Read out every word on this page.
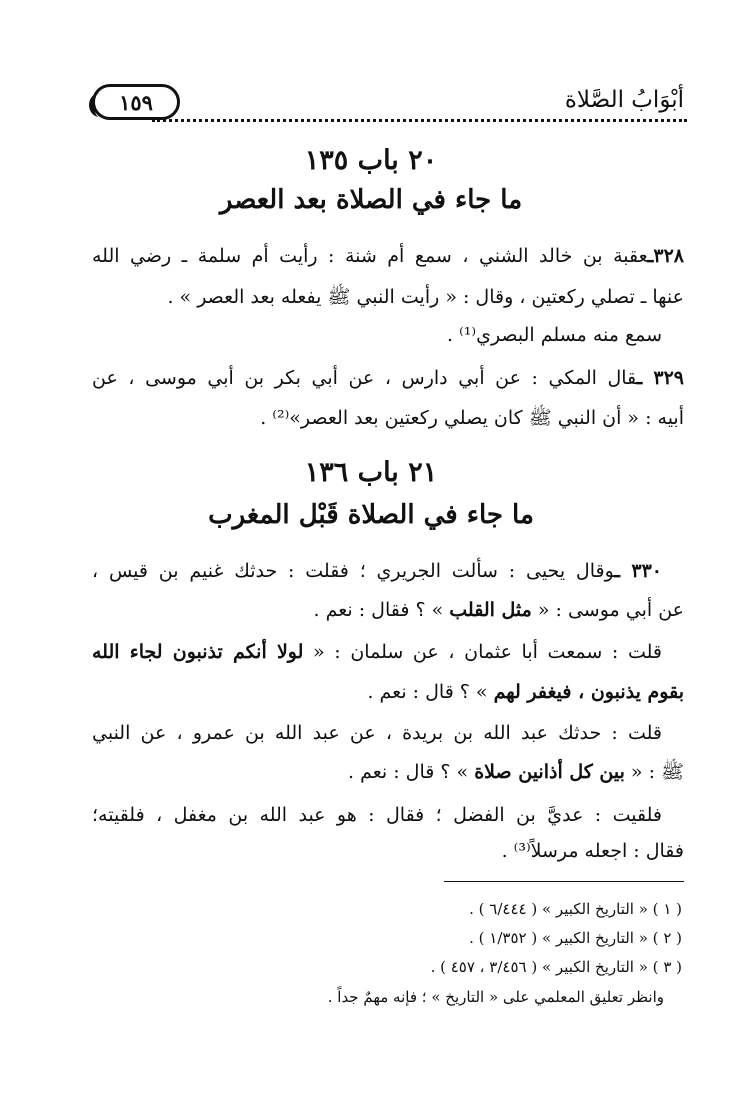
أبْوَابُ الصَّلاة
١٥٩
٢٠ باب ١٣٥
ما جاء في الصلاة بعد العصر
٣٢٨ـعقبة بن خالد الشني ، سمع أم شنة : رأيت أم سلمة ـ رضي الله
عنها ـ تصلي ركعتين ، وقال : « رأيت النبي ﷺ يفعله بعد العصر » .
سمع منه مسلم البصري⁽¹⁾ .
٣٢٩ ـقال المكي : عن أبي دارس ، عن أبي بكر بن أبي موسى ، عن
أبيه : « أن النبي ﷺ كان يصلي ركعتين بعد العصر»⁽²⁾ .
٢١ باب ١٣٦
ما جاء في الصلاة قَبْل المغرب
٣٣٠ ـوقال يحيى : سألت الجريري ؛ فقلت : حدثك غنيم بن قيس ،
عن أبي موسى : « مثل القلب » ؟ فقال : نعم .
قلت : سمعت أبا عثمان ، عن سلمان : « لولا أنكم تذنبون لجاء الله
بقوم يذنبون ، فيغفر لهم » ؟ قال : نعم .
قلت : حدثك عبد الله بن بريدة ، عن عبد الله بن عمرو ، عن النبي
ﷺ : « بين كل أذانين صلاة » ؟ قال : نعم .
فلقيت : عديَّ بن الفضل ؛ فقال : هو عبد الله بن مغفل ، فلقيته؛
فقال : اجعله مرسلاً⁽³⁾ .
( ١ ) « التاريخ الكبير » ( ٦/٤٤٤ ) .
( ٢ ) « التاريخ الكبير » ( ١/٣٥٢ ) .
( ٣ ) « التاريخ الكبير » ( ٣/٤٥٦ ، ٤٥٧ ) .
وانظر تعليق المعلمي على « التاريخ » ؛ فإنه مهمٌ جداً .
